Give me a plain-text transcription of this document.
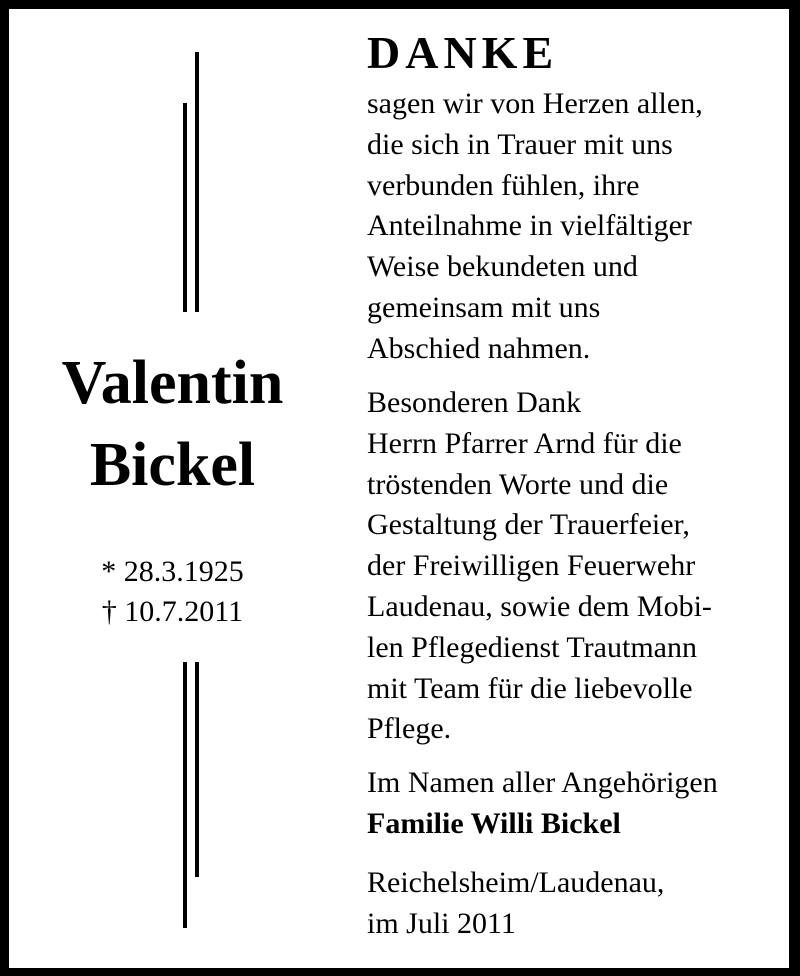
Valentin
Bickel
* 28.3.1925
† 10.7.2011
DANKE
sagen wir von Herzen allen,
die sich in Trauer mit uns
verbunden fühlen, ihre
Anteilnahme in vielfältiger
Weise bekundeten und
gemeinsam mit uns
Abschied nahmen.
Besonderen Dank
Herrn Pfarrer Arnd für die
tröstenden Worte und die
Gestaltung der Trauerfeier,
der Freiwilligen Feuerwehr
Laudenau, sowie dem Mobi-
len Pflegedienst Trautmann
mit Team für die liebevolle
Pflege.
Im Namen aller Angehörigen
Familie Willi Bickel
Reichelsheim/Laudenau,
im Juli 2011
